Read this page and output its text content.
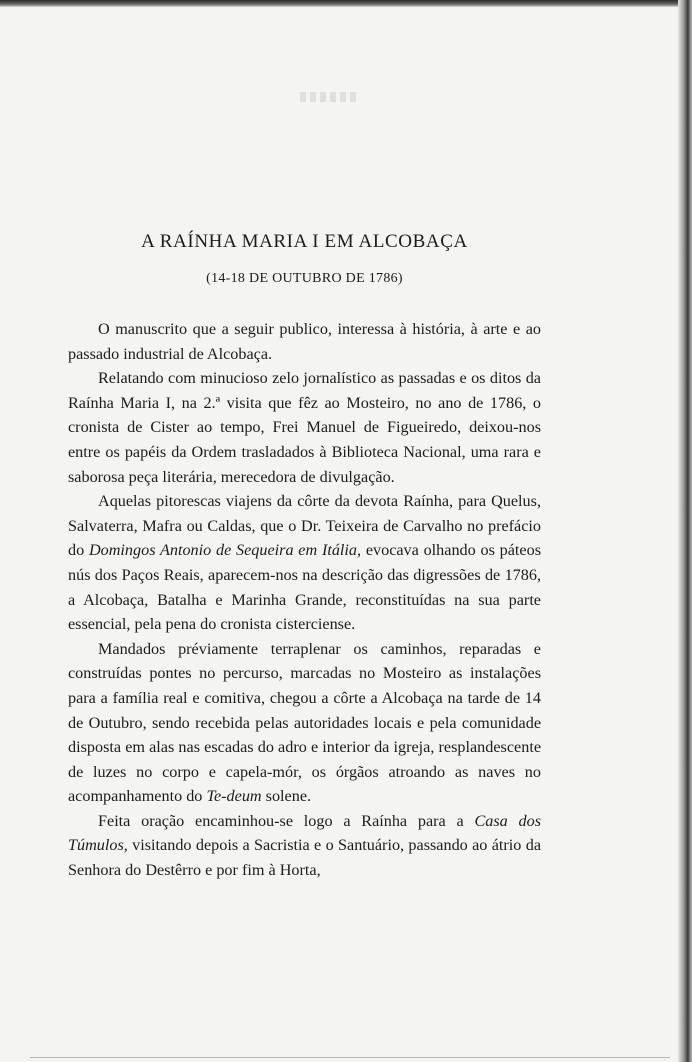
A RAÍNHA MARIA I EM ALCOBAÇA
(14-18 DE OUTUBRO DE 1786)

O manuscrito que a seguir publico, interessa à história, à arte e ao passado industrial de Alcobaça.

Relatando com minucioso zelo jornalístico as passadas e os ditos da Raínha Maria I, na 2.ª visita que fêz ao Mosteiro, no ano de 1786, o cronista de Cister ao tempo, Frei Manuel de Figueiredo, deixou-nos entre os papéis da Ordem trasladados à Biblioteca Nacional, uma rara e saborosa peça literária, merecedora de divulgação.

Aquelas pitorescas viajens da côrte da devota Raínha, para Quelus, Salvaterra, Mafra ou Caldas, que o Dr. Teixeira de Carvalho no prefácio do Domingos Antonio de Sequeira em Itália, evocava olhando os páteos nús dos Paços Reais, aparecem-nos na descrição das digressões de 1786, a Alcobaça, Batalha e Marinha Grande, reconstituídas na sua parte essencial, pela pena do cronista cisterciense.

Mandados préviamente terraplenar os caminhos, reparadas e construídas pontes no percurso, marcadas no Mosteiro as instalações para a família real e comitiva, chegou a côrte a Alcobaça na tarde de 14 de Outubro, sendo recebida pelas autoridades locais e pela comunidade disposta em alas nas escadas do adro e interior da igreja, resplandescente de luzes no corpo e capela-mór, os órgãos atroando as naves no acompanhamento do Te-deum solene.

Feita oração encaminhou-se logo a Raínha para a Casa dos Túmulos, visitando depois a Sacristia e o Santuário, passando ao átrio da Senhora do Destêrro e por fim à Horta,
